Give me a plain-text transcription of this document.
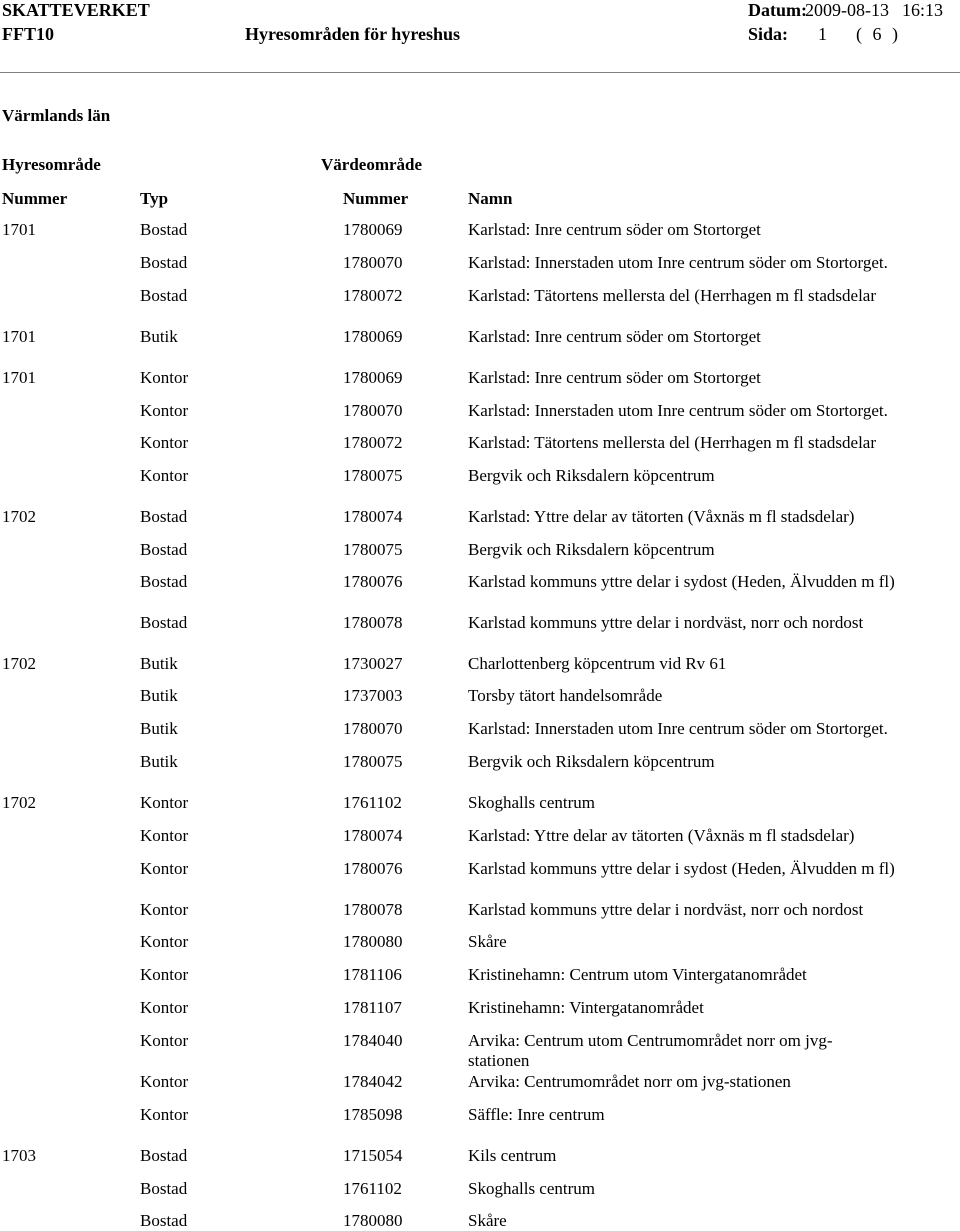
SKATTEVERKET
FFT10	Hyresområden för hyreshus
Datum:
2009-08-13 16:13
Sida: 1 ( 6 )
Värmlands län
Hyresområde	Värdeområde
Nummer	Typ	Nummer	Namn
1701	Bostad	1780069	Karlstad: Inre centrum söder om Stortorget
Bostad	1780070	Karlstad: Innerstaden utom Inre centrum söder om Stortorget.
Bostad	1780072	Karlstad: Tätortens mellersta del (Herrhagen m fl stadsdelar
1701	Butik	1780069	Karlstad: Inre centrum söder om Stortorget
1701	Kontor	1780069	Karlstad: Inre centrum söder om Stortorget
Kontor	1780070	Karlstad: Innerstaden utom Inre centrum söder om Stortorget.
Kontor	1780072	Karlstad: Tätortens mellersta del (Herrhagen m fl stadsdelar
Kontor	1780075	Bergvik och Riksdalern köpcentrum
1702	Bostad	1780074	Karlstad: Yttre delar av tätorten (Våxnäs m fl stadsdelar)
Bostad	1780075	Bergvik och Riksdalern köpcentrum
Bostad	1780076	Karlstad kommuns yttre delar i sydost (Heden, Älvudden m fl)
Bostad	1780078	Karlstad kommuns yttre delar i nordväst, norr och nordost
1702	Butik	1730027	Charlottenberg köpcentrum vid Rv 61
Butik	1737003	Torsby tätort handelsområde
Butik	1780070	Karlstad: Innerstaden utom Inre centrum söder om Stortorget.
Butik	1780075	Bergvik och Riksdalern köpcentrum
1702	Kontor	1761102	Skoghalls centrum
Kontor	1780074	Karlstad: Yttre delar av tätorten (Våxnäs m fl stadsdelar)
Kontor	1780076	Karlstad kommuns yttre delar i sydost (Heden, Älvudden m fl)
Kontor	1780078	Karlstad kommuns yttre delar i nordväst, norr och nordost
Kontor	1780080	Skåre
Kontor	1781106	Kristinehamn: Centrum utom Vintergatanområdet
Kontor	1781107	Kristinehamn: Vintergatanområdet
Kontor	1784040	Arvika: Centrum utom Centrumområdet norr om jvg-stationen
Kontor	1784042	Arvika: Centrumområdet norr om jvg-stationen
Kontor	1785098	Säffle: Inre centrum
1703	Bostad	1715054	Kils centrum
Bostad	1761102	Skoghalls centrum
Bostad	1780080	Skåre
